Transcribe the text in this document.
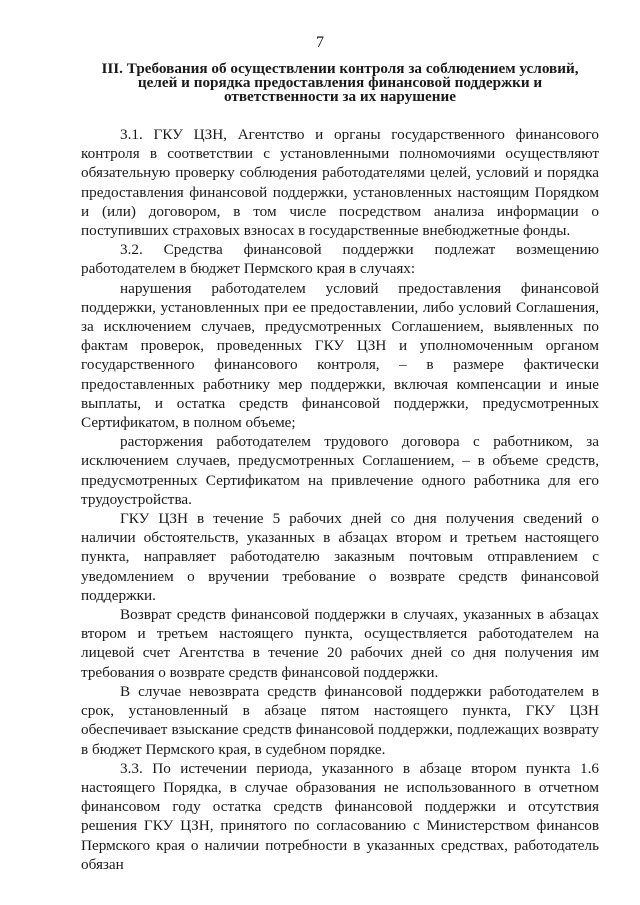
7
III. Требования об осуществлении контроля за соблюдением условий, целей и порядка предоставления финансовой поддержки и ответственности за их нарушение

3.1. ГКУ ЦЗН, Агентство и органы государственного финансового контроля в соответствии с установленными полномочиями осуществляют обязательную проверку соблюдения работодателями целей, условий и порядка предоставления финансовой поддержки, установленных настоящим Порядком и (или) договором, в том числе посредством анализа информации о поступивших страховых взносах в государственные внебюджетные фонды.

3.2. Средства финансовой поддержки подлежат возмещению работодателем в бюджет Пермского края в случаях:

нарушения работодателем условий предоставления финансовой поддержки, установленных при ее предоставлении, либо условий Соглашения, за исключением случаев, предусмотренных Соглашением, выявленных по фактам проверок, проведенных ГКУ ЦЗН и уполномоченным органом государственного финансового контроля, – в размере фактически предоставленных работнику мер поддержки, включая компенсации и иные выплаты, и остатка средств финансовой поддержки, предусмотренных Сертификатом, в полном объеме;

расторжения работодателем трудового договора с работником, за исключением случаев, предусмотренных Соглашением, – в объеме средств, предусмотренных Сертификатом на привлечение одного работника для его трудоустройства.

ГКУ ЦЗН в течение 5 рабочих дней со дня получения сведений о наличии обстоятельств, указанных в абзацах втором и третьем настоящего пункта, направляет работодателю заказным почтовым отправлением с уведомлением о вручении требование о возврате средств финансовой поддержки.

Возврат средств финансовой поддержки в случаях, указанных в абзацах втором и третьем настоящего пункта, осуществляется работодателем на лицевой счет Агентства в течение 20 рабочих дней со дня получения им требования о возврате средств финансовой поддержки.

В случае невозврата средств финансовой поддержки работодателем в срок, установленный в абзаце пятом настоящего пункта, ГКУ ЦЗН обеспечивает взыскание средств финансовой поддержки, подлежащих возврату в бюджет Пермского края, в судебном порядке.

3.3. По истечении периода, указанного в абзаце втором пункта 1.6 настоящего Порядка, в случае образования не использованного в отчетном финансовом году остатка средств финансовой поддержки и отсутствия решения ГКУ ЦЗН, принятого по согласованию с Министерством финансов Пермского края о наличии потребности в указанных средствах, работодатель обязан
